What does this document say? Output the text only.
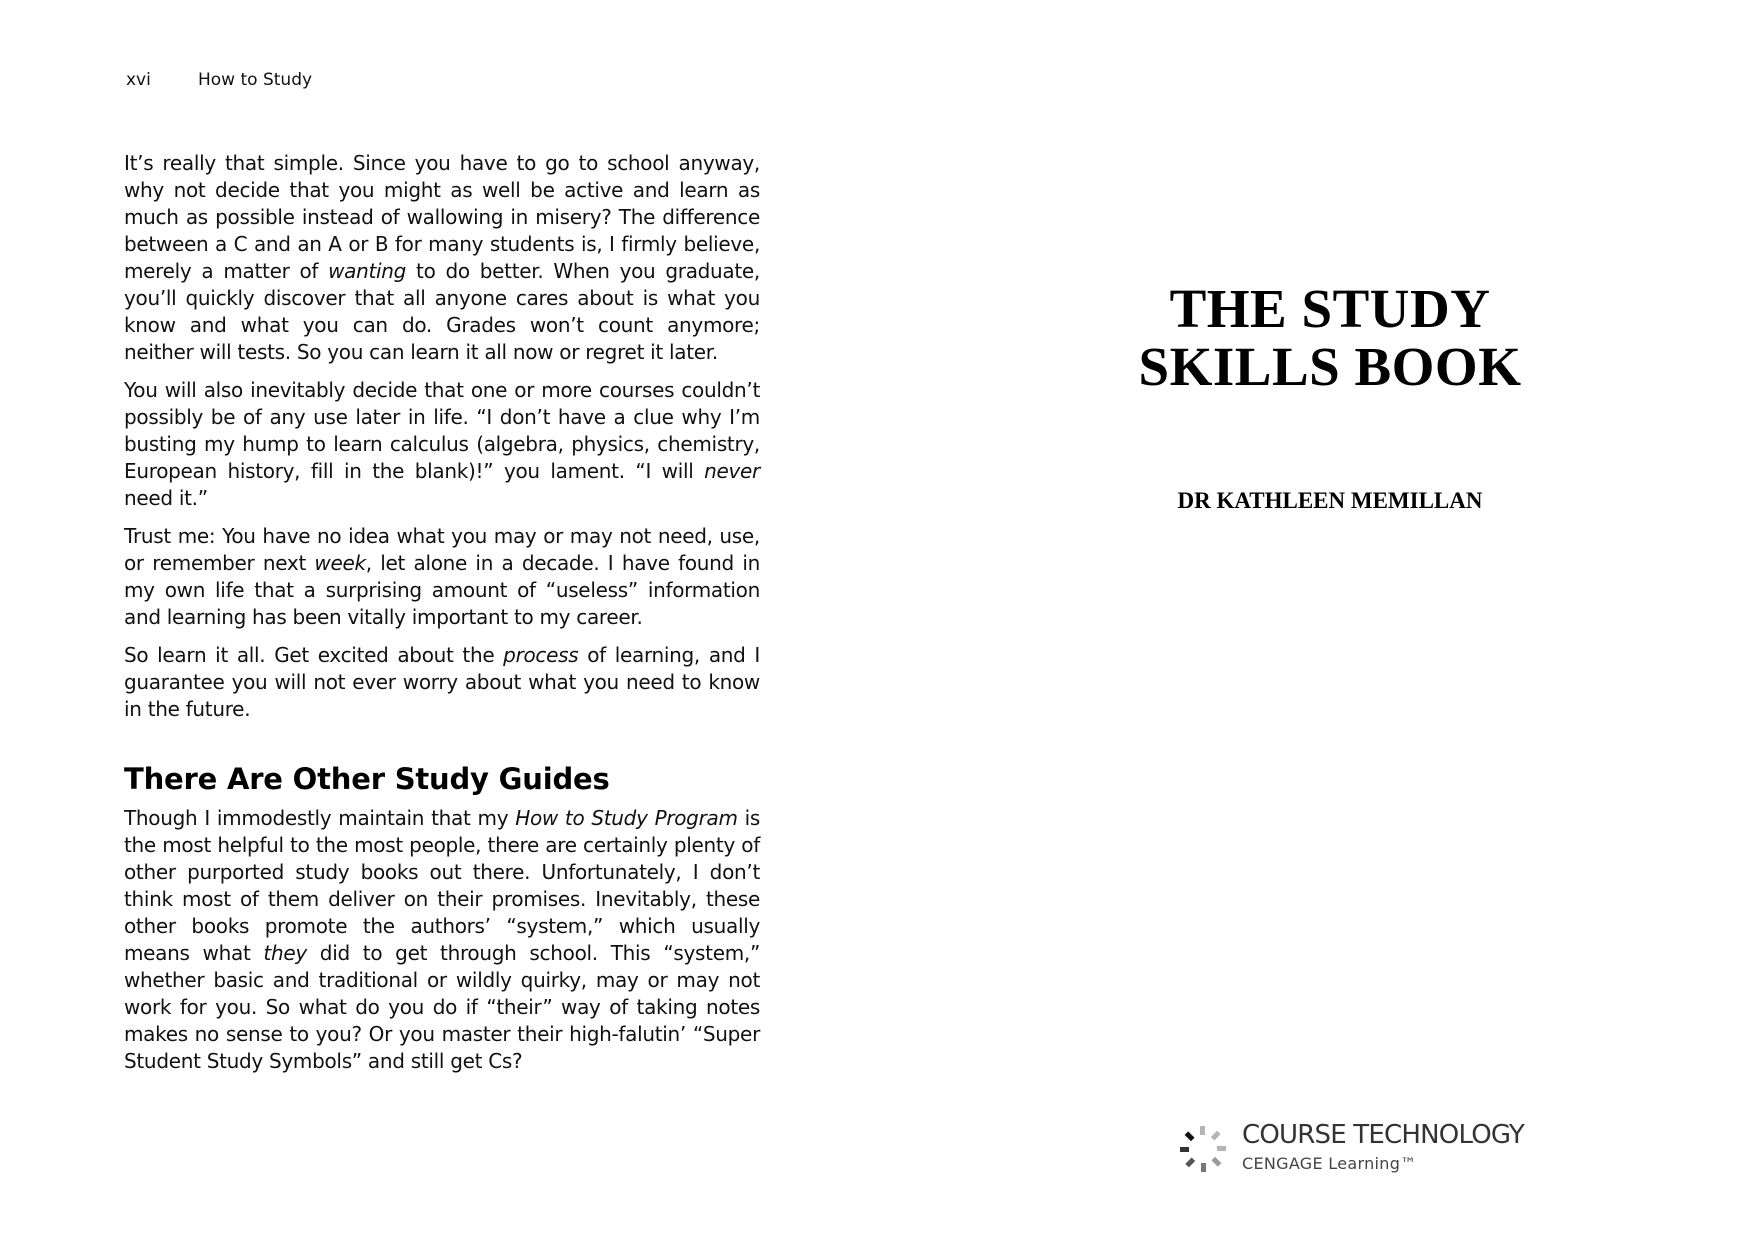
xvi	How to Study

It’s really that simple. Since you have to go to school anyway, why not decide that you might as well be active and learn as much as possible instead of wallowing in misery? The difference between a C and an A or B for many students is, I firmly believe, merely a matter of wanting to do better. When you graduate, you’ll quickly discover that all anyone cares about is what you know and what you can do. Grades won’t count anymore; neither will tests. So you can learn it all now or regret it later.

You will also inevitably decide that one or more courses couldn’t possibly be of any use later in life. “I don’t have a clue why I’m busting my hump to learn calculus (algebra, physics, chemistry, European history, fill in the blank)!” you lament. “I will never need it.”

Trust me: You have no idea what you may or may not need, use, or remember next week, let alone in a decade. I have found in my own life that a surprising amount of “useless” information and learning has been vitally important to my career.

So learn it all. Get excited about the process of learning, and I guarantee you will not ever worry about what you need to know in the future.

There Are Other Study Guides

Though I immodestly maintain that my How to Study Program is the most helpful to the most people, there are certainly plenty of other purported study books out there. Unfortunately, I don’t think most of them deliver on their promises. Inevitably, these other books promote the authors’ “system,” which usually means what they did to get through school. This “system,” whether basic and traditional or wildly quirky, may or may not work for you. So what do you do if “their” way of taking notes makes no sense to you? Or you master their high-falutin’ “Super Student Study Symbols” and still get Cs?

THE STUDY
SKILLS BOOK
DR KATHLEEN MEMILLAN
COURSE TECHNOLOGY
CENGAGE Learning™
